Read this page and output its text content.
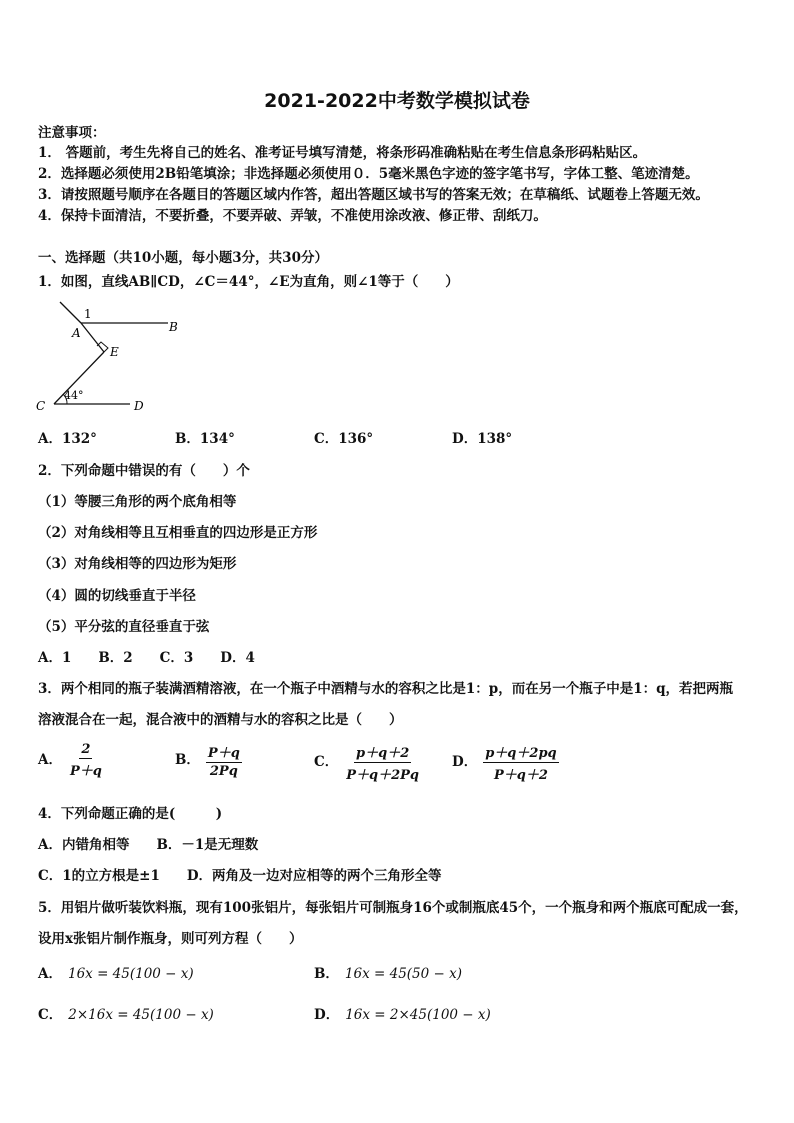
2021-2022中考数学模拟试卷
注意事项：
1． 答题前，考生先将自己的姓名、准考证号填写清楚，将条形码准确粘贴在考生信息条形码粘贴区。
2．选择题必须使用2B铅笔填涂；非选择题必须使用０．5毫米黑色字迹的签字笔书写，字体工整、笔迹清楚。
3．请按照题号顺序在各题目的答题区域内作答，超出答题区域书写的答案无效；在草稿纸、试题卷上答题无效。
4．保持卡面清洁，不要折叠，不要弄破、弄皱，不准使用涂改液、修正带、刮纸刀。
一、选择题（共10小题，每小题3分，共30分）
1．如图，直线AB∥CD，∠C＝44°，∠E为直角，则∠1等于（　　）
1
A	B
E
C	D
44°
A．132°	B．134°	C．136°	D．138°
2．下列命题中错误的有（　　）个
（1）等腰三角形的两个底角相等
（2）对角线相等且互相垂直的四边形是正方形
（3）对角线相等的四边形为矩形
（4）圆的切线垂直于半径
（5）平分弦的直径垂直于弦
A．1　　B．2　　C．3　　D．4
3．两个相同的瓶子装满酒精溶液，在一个瓶子中酒精与水的容积之比是1：p，而在另一个瓶子中是1：q，若把两瓶
溶液混合在一起，混合液中的酒精与水的容积之比是（　　）
A． $\frac{2}{P+q}$	B． $\frac{P+q}{2Pq}$	C． $\frac{p+q+2}{P+q+2Pq}$ D． $\frac{p+q+2pq}{P+q+2}$
4．下列命题正确的是(　　　)
A．内错角相等　　B．－1是无理数
C．1的立方根是±1　　D．两角及一边对应相等的两个三角形全等
5．用铝片做听装饮料瓶，现有100张铝片，每张铝片可制瓶身16个或制瓶底45个，一个瓶身和两个瓶底可配成一套，
设用x张铝片制作瓶身，则可列方程（　　）
A． 16x = 45(100 − x)	B． 16x = 45(50 − x)
C． 2×16x = 45(100 − x)	D． 16x = 2×45(100 − x)
